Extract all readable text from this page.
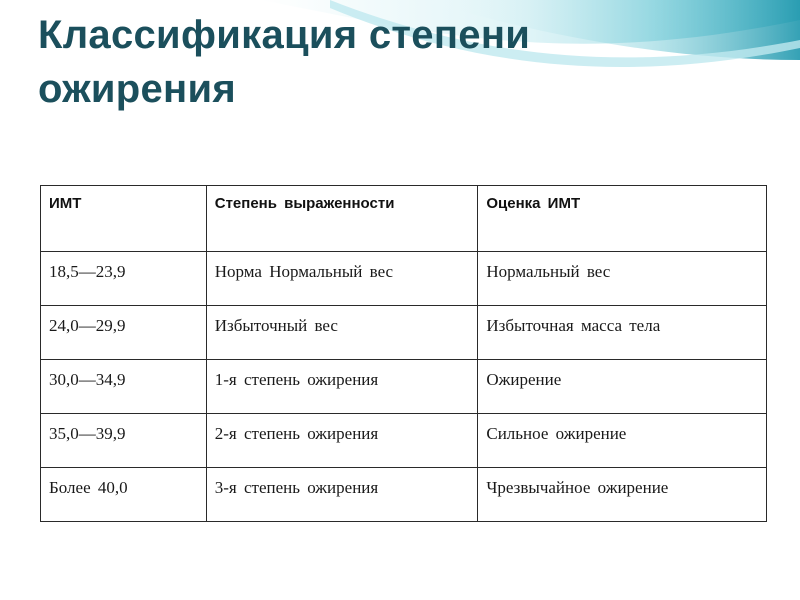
Классификация степени ожирения
ИМТ	Степень выраженности	Оценка ИМТ
18,5—23,9	Норма Нормальный вес	Нормальный вес
24,0—29,9	Избыточный вес	Избыточная масса тела
30,0—34,9	1-я степень ожирения	Ожирение
35,0—39,9	2-я степень ожирения	Сильное ожирение
Более 40,0	3-я степень ожирения	Чрезвычайное ожирение
